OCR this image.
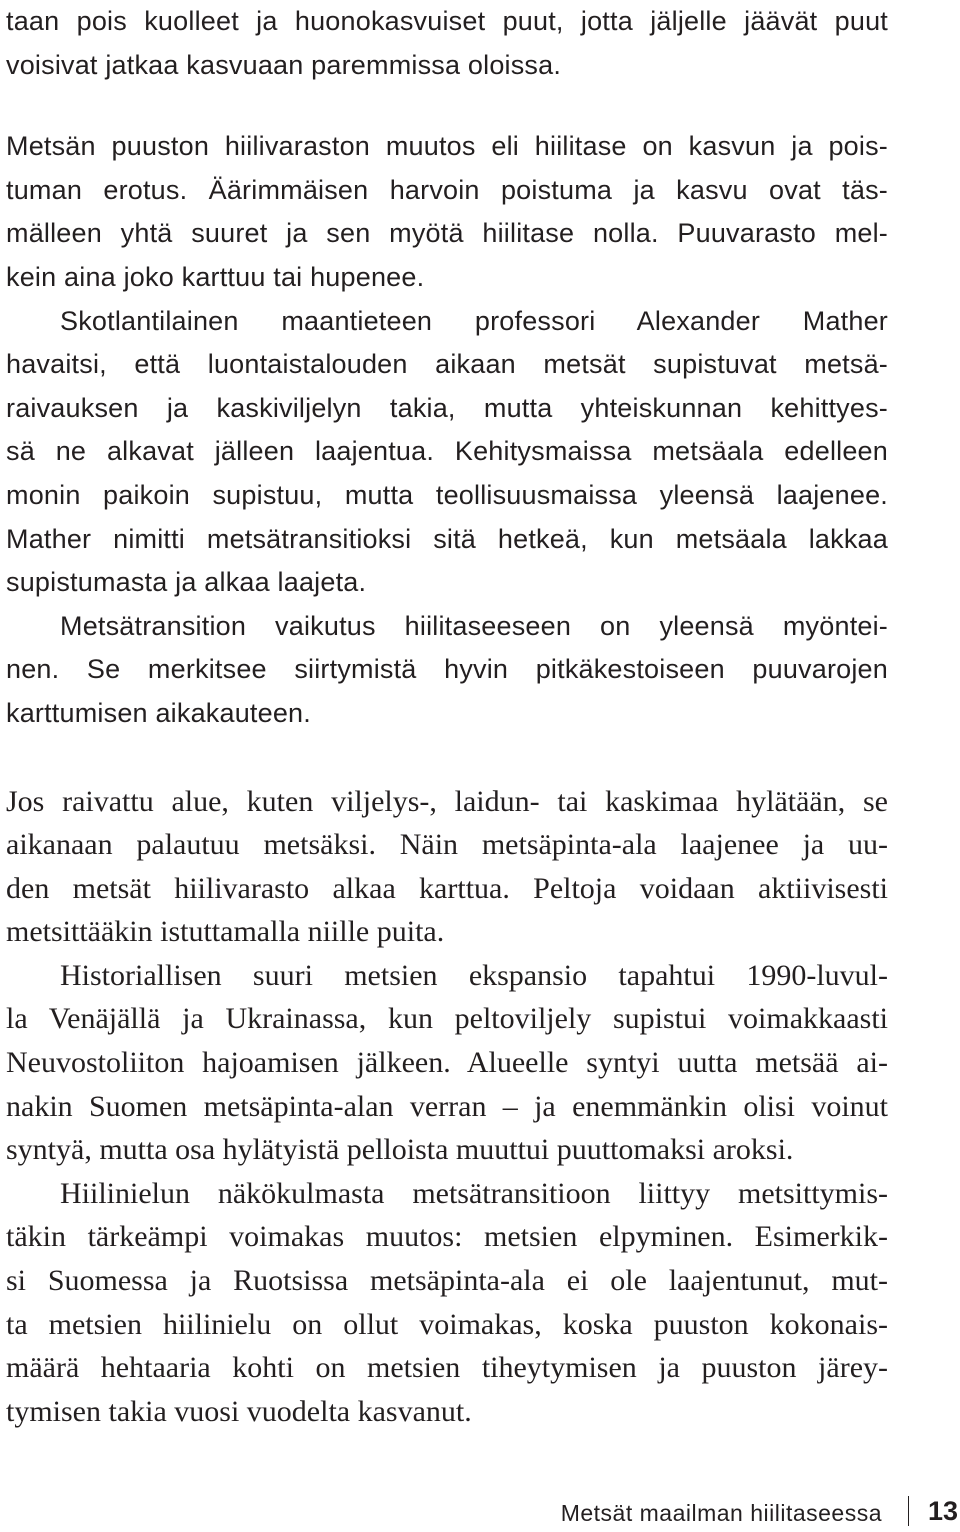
taan pois kuolleet ja huonokasvuiset puut, jotta jäljelle jäävät puut
voisivat jatkaa kasvuaan paremmissa oloissa.
Metsän puuston hiilivaraston muutos eli hiilitase on kasvun ja pois-
tuman erotus. Äärimmäisen harvoin poistuma ja kasvu ovat täs-
mälleen yhtä suuret ja sen myötä hiilitase nolla. Puuvarasto mel-
kein aina joko karttuu tai hupenee.
Skotlantilainen maantieteen professori Alexander Mather
havaitsi, että luontaistalouden aikaan metsät supistuvat metsä-
raivauksen ja kaskiviljelyn takia, mutta yhteiskunnan kehittyes-
sä ne alkavat jälleen laajentua. Kehitysmaissa metsäala edelleen
monin paikoin supistuu, mutta teollisuusmaissa yleensä laajenee.
Mather nimitti metsätransitioksi sitä hetkeä, kun metsäala lakkaa
supistumasta ja alkaa laajeta.
Metsätransition vaikutus hiilitaseeseen on yleensä myöntei-
nen. Se merkitsee siirtymistä hyvin pitkäkestoiseen puuvarojen
karttumisen aikakauteen.
Jos raivattu alue, kuten viljelys-, laidun- tai kaskimaa hylätään, se
aikanaan palautuu metsäksi. Näin metsäpinta-ala laajenee ja uu-
den metsät hiilivarasto alkaa karttua. Peltoja voidaan aktiivisesti
metsittääkin istuttamalla niille puita.
Historiallisen suuri metsien ekspansio tapahtui 1990-luvul-
la Venäjällä ja Ukrainassa, kun peltoviljely supistui voimakkaasti
Neuvostoliiton hajoamisen jälkeen. Alueelle syntyi uutta metsää ai-
nakin Suomen metsäpinta-alan verran – ja enemmänkin olisi voinut
syntyä, mutta osa hylätyistä pelloista muuttui puuttomaksi aroksi.
Hiilinielun näkökulmasta metsätransitioon liittyy metsittymis-
täkin tärkeämpi voimakas muutos: metsien elpyminen. Esimerkik-
si Suomessa ja Ruotsissa metsäpinta-ala ei ole laajentunut, mut-
ta metsien hiilinielu on ollut voimakas, koska puuston kokonais-
määrä hehtaaria kohti on metsien tiheytymisen ja puuston järey-
tymisen takia vuosi vuodelta kasvanut.
Metsät maailman hiilitaseessa 13
